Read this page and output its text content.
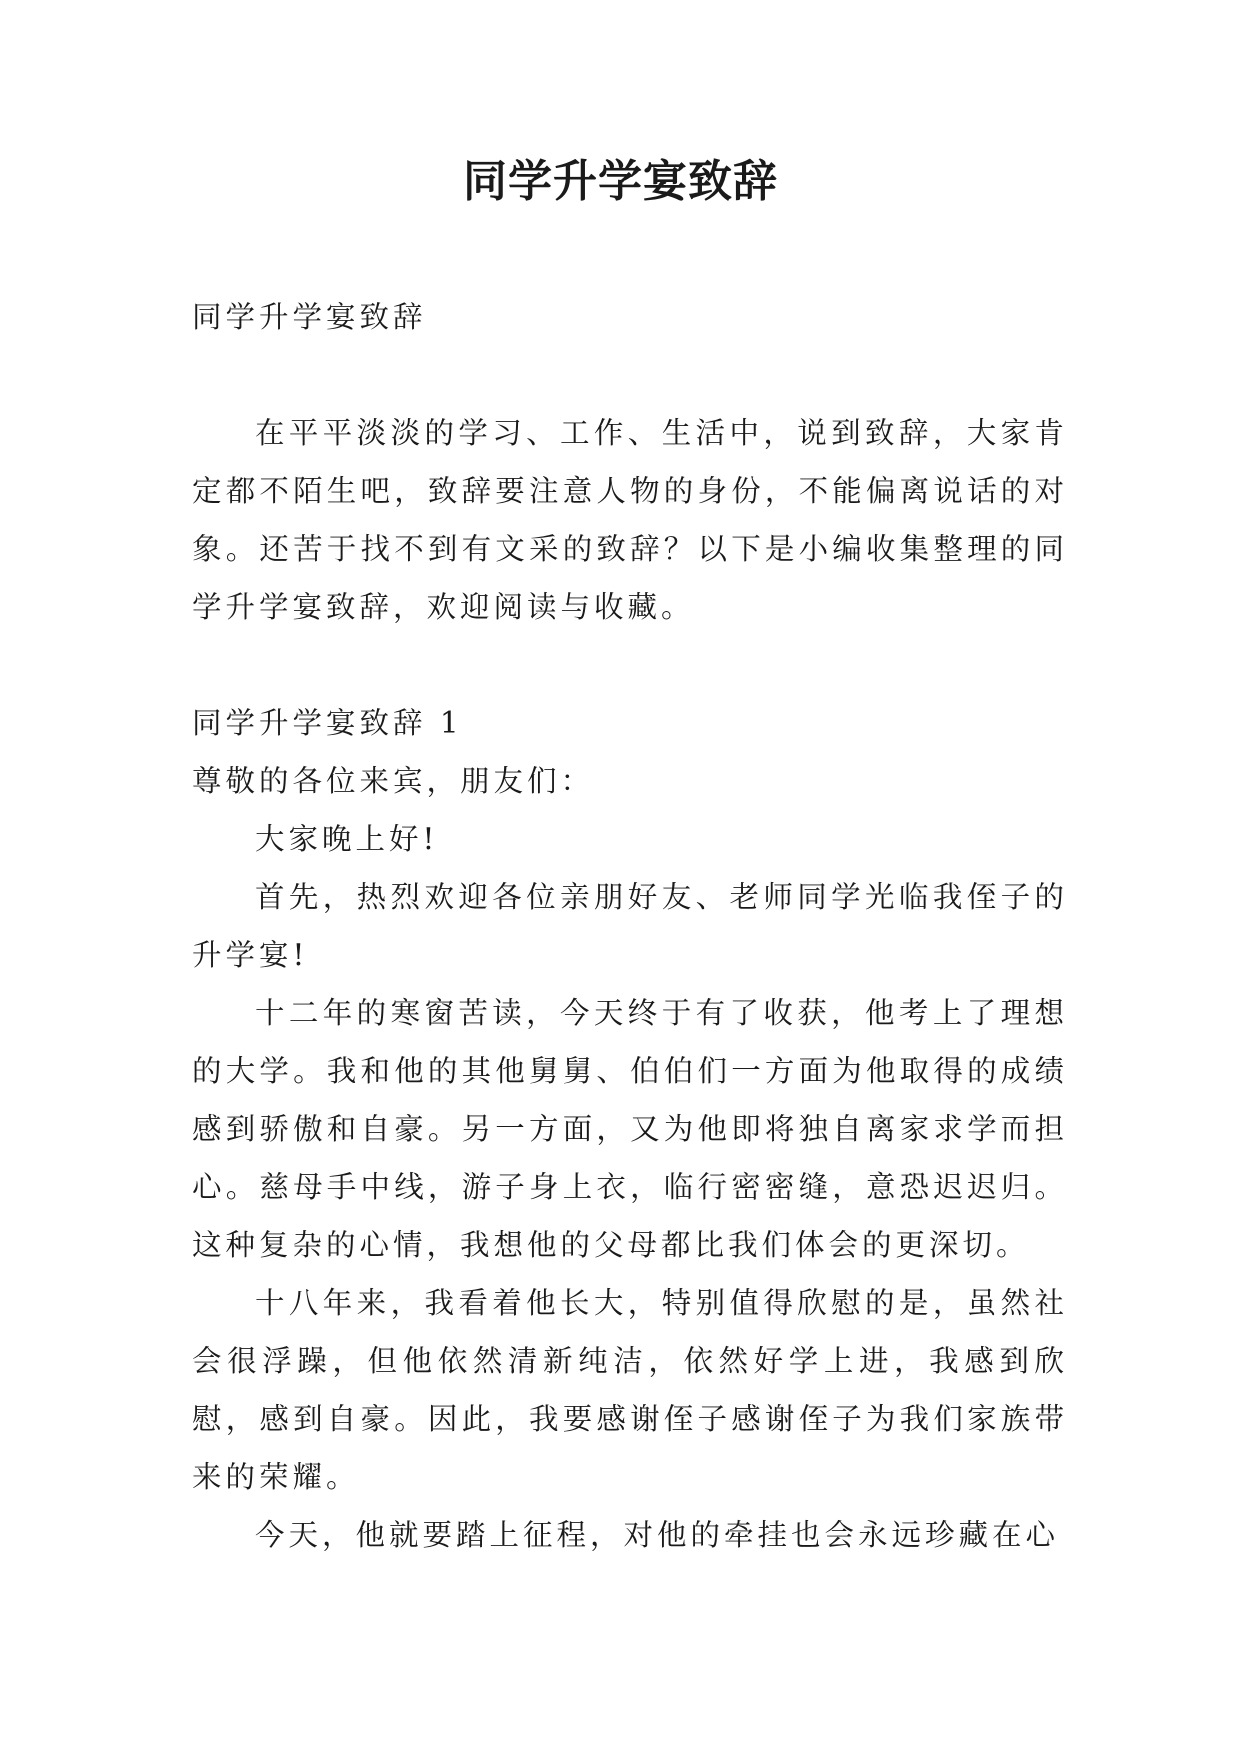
同学升学宴致辞

同学升学宴致辞

在平平淡淡的学习、工作、生活中，说到致辞，大家肯定都不陌生吧，致辞要注意人物的身份，不能偏离说话的对象。还苦于找不到有文采的致辞？以下是小编收集整理的同学升学宴致辞，欢迎阅读与收藏。

同学升学宴致辞 1

尊敬的各位来宾，朋友们：

大家晚上好!

首先，热烈欢迎各位亲朋好友、老师同学光临我侄子的升学宴!

十二年的寒窗苦读，今天终于有了收获，他考上了理想的大学。我和他的其他舅舅、伯伯们一方面为他取得的成绩感到骄傲和自豪。另一方面，又为他即将独自离家求学而担心。慈母手中线，游子身上衣，临行密密缝，意恐迟迟归。这种复杂的心情，我想他的父母都比我们体会的更深切。

十八年来，我看着他长大，特别值得欣慰的是，虽然社会很浮躁，但他依然清新纯洁，依然好学上进，我感到欣慰，感到自豪。因此，我要感谢侄子感谢侄子为我们家族带来的荣耀。

今天，他就要踏上征程，对他的牵挂也会永远珍藏在心
